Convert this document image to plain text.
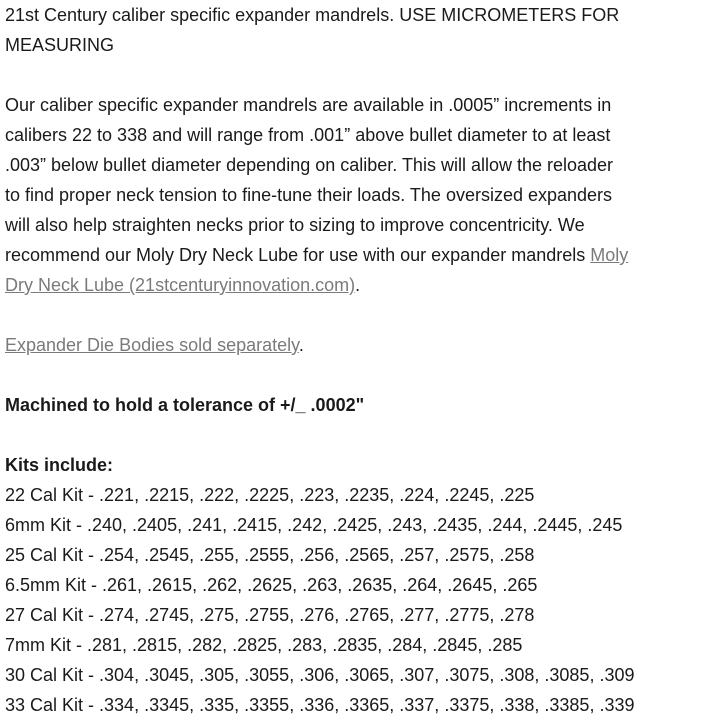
21st Century caliber specific expander mandrels. USE MICROMETERS FOR

MEASURING

Our caliber specific expander mandrels are available in .0005” increments in

calibers 22 to 338 and will range from .001” above bullet diameter to at least

.003” below bullet diameter depending on caliber. This will allow the reloader

to find proper neck tension to fine-tune their loads. The oversized expanders

will also help straighten necks prior to sizing to improve concentricity. We

recommend our Moly Dry Neck Lube for use with our expander mandrels Moly

Dry Neck Lube (21stcenturyinnovation.com).

Expander Die Bodies sold separately.

Machined to hold a tolerance of +/_ .0002"

Kits include:

22 Cal Kit - .221, .2215, .222, .2225, .223, .2235, .224, .2245, .225

6mm Kit - .240, .2405, .241, .2415, .242, .2425, .243, .2435, .244, .2445, .245

25 Cal Kit - .254, .2545, .255, .2555, .256, .2565, .257, .2575, .258

6.5mm Kit - .261, .2615, .262, .2625, .263, .2635, .264, .2645, .265

27 Cal Kit - .274, .2745, .275, .2755, .276, .2765, .277, .2775, .278

7mm Kit - .281, .2815, .282, .2825, .283, .2835, .284, .2845, .285

30 Cal Kit - .304, .3045, .305, .3055, .306, .3065, .307, .3075, .308, .3085, .309

33 Cal Kit - .334, .3345, .335, .3355, .336, .3365, .337, .3375, .338, .3385, .339
